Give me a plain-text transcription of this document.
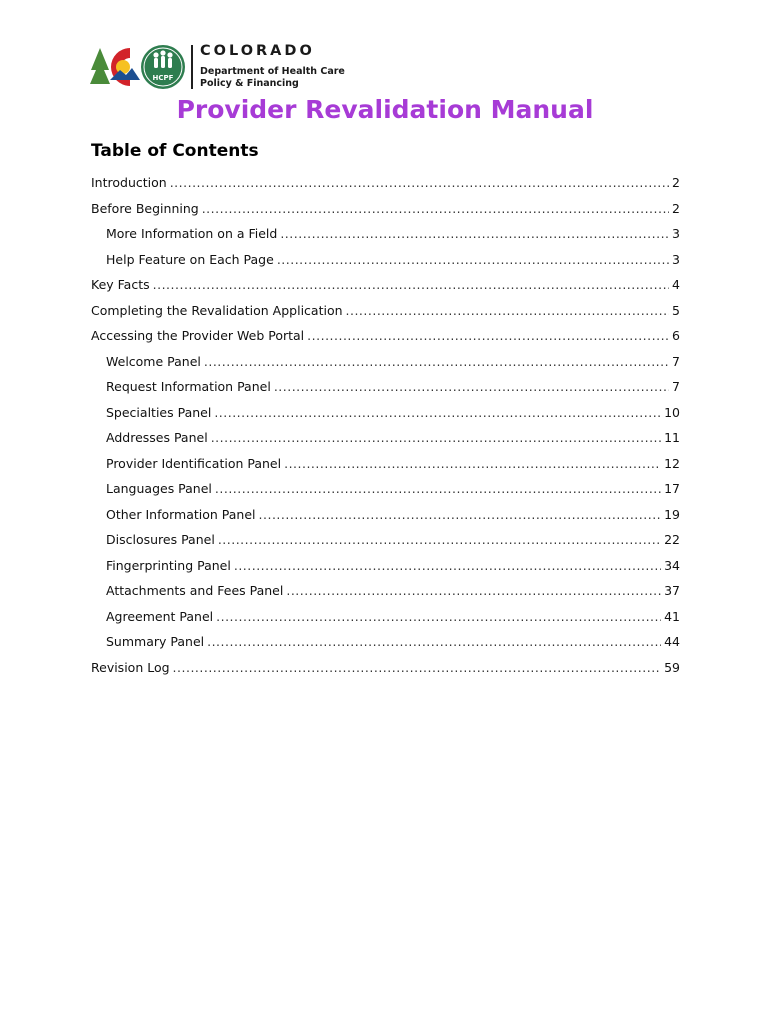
HCPF
COLORADO
Department of Health Care
Policy & Financing
Provider Revalidation Manual
Table of Contents
Introduction .....	2
Before Beginning .....	2
More Information on a Field .....	3
Help Feature on Each Page .....	3
Key Facts .....	4
Completing the Revalidation Application .....	5
Accessing the Provider Web Portal .....	6
Welcome Panel .....	7
Request Information Panel .....	7
Specialties Panel .....	10
Addresses Panel .....	11
Provider Identification Panel .....	12
Languages Panel .....	17
Other Information Panel .....	19
Disclosures Panel .....	22
Fingerprinting Panel .....	34
Attachments and Fees Panel .....	37
Agreement Panel .....	41
Summary Panel .....	44
Revision Log .....	59
